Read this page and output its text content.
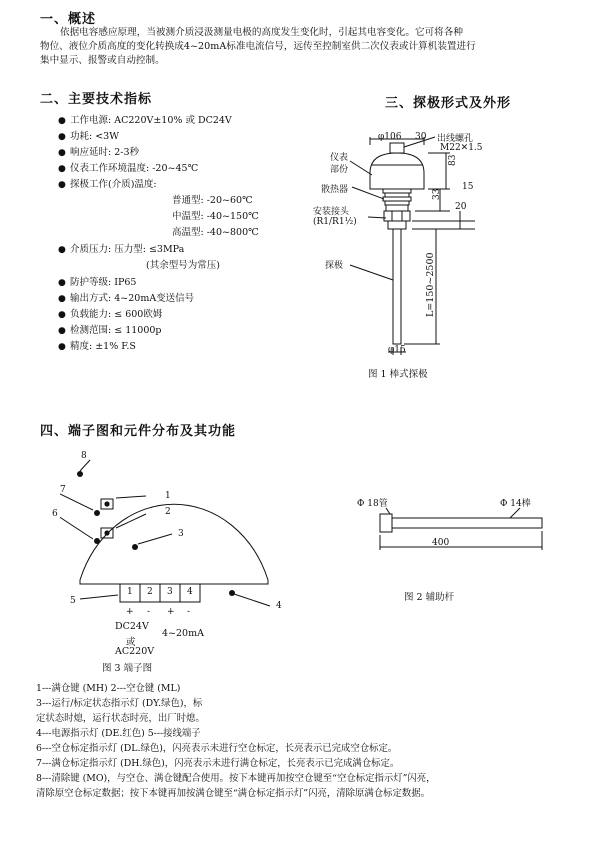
一、概述
依据电容感应原理，当被测介质浸汲测量电极的高度发生变化时，引起其电容变化。它可将各种
物位、液位介质高度的变化转换成4~20mA标准电流信号，远传至控制室供二次仪表或计算机装置进行
集中显示、报警或自动控制。
二、主要技术指标
● 工作电源: AC220V±10% 或 DC24V
● 功耗: <3W
● 响应延时: 2-3秒
● 仪表工作环境温度: -20~45℃
● 探极工作(介质)温度:
普通型: -20~60℃
中温型: -40~150℃
高温型: -40~800℃
● 介质压力: 压力型: ≤3MPa
(其余型号为常压)
● 防护等级: IP65
● 输出方式: 4~20mA变送信号
● 负载能力: ≤ 600欧姆
● 检测范围: ≤ 11000p
● 精度: ±1% F.S
三、探极形式及外形
φ106 30 出线螺孔
M22✕1.5
仪表
部份
散热器
安装接头
(R1/R1½)
探极
83
33
15
20
L=150~2500
φ15
图 1 棒式探极
Φ 18管	Φ 14棒
400
图 2 辅助杆
四、端子图和元件分布及其功能
8
7
1
2
6
3
5	4
1 2 3 4
+ - + -
DC24V
4~20mA
或
AC220V
图 3 端子图
1---满仓键 (MH) 2---空仓键 (ML)
3---运行/标定状态指示灯 (DY.绿色)，标
定状态时熄，运行状态时亮，出厂时熄。
4---电源指示灯 (DE.红色) 5---接线端子
6---空仓标定指示灯 (DL.绿色)，闪亮表示未进行空仓标定，长亮表示已完成空仓标定。
7---满仓标定指示灯 (DH.绿色)，闪亮表示未进行满仓标定，长亮表示已完成满仓标定。
8---清除键 (MO)，与空仓、满仓键配合使用。按下本键再加按空仓键至“空仓标定指示灯”闪亮，
清除原空仓标定数据；按下本键再加按满仓键至“满仓标定指示灯”闪亮，清除原满仓标定数据。
